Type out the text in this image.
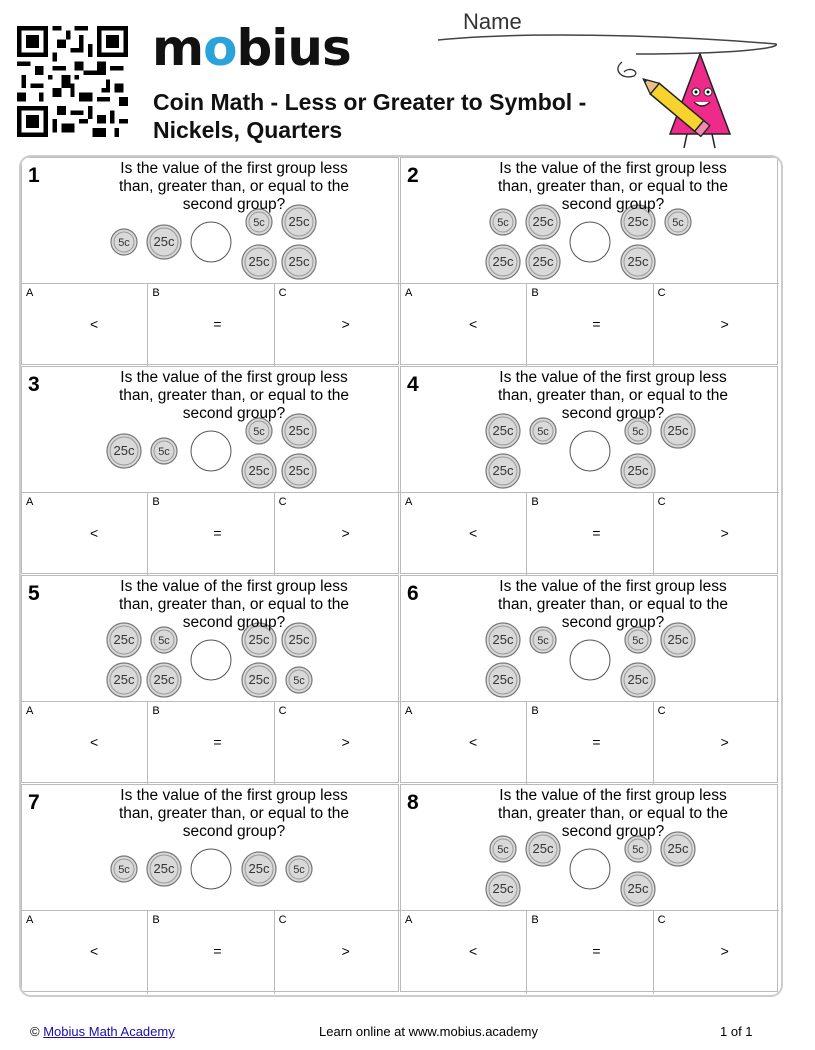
mobius
Coin Math - Less or Greater to Symbol - Nickels, Quarters
Name
1
5c 25c
5c 25c
25c 25c
Is the value of the first group less than, greater than, or equal to the second group?
A
<
B
=
C
>
2
5c 25c
25c 25c
25c 5c
25c
Is the value of the first group less than, greater than, or equal to the second group?
A
<
B
=
C
>
3
25c 5c
5c 25c
25c 25c
Is the value of the first group less than, greater than, or equal to the second group?
A
<
B
=
C
>
4
25c 5c
25c
5c 25c
25c
Is the value of the first group less than, greater than, or equal to the second group?
A
<
B
=
C
>
5
25c 5c
25c 25c
25c 25c
25c 5c
Is the value of the first group less than, greater than, or equal to the second group?
A
<
B
=
C
>
6
25c 5c
25c
5c 25c
25c
Is the value of the first group less than, greater than, or equal to the second group?
A
<
B
=
C
>
7
5c 25c	25c 5c
Is the value of the first group less than, greater than, or equal to the second group?
A
<
B
=
C
>
8
5c 25c
25c
5c 25c
25c
Is the value of the first group less than, greater than, or equal to the second group?
A
<
B
=
C
>
© Mobius Math Academy	Learn online at www.mobius.academy	1 of 1
